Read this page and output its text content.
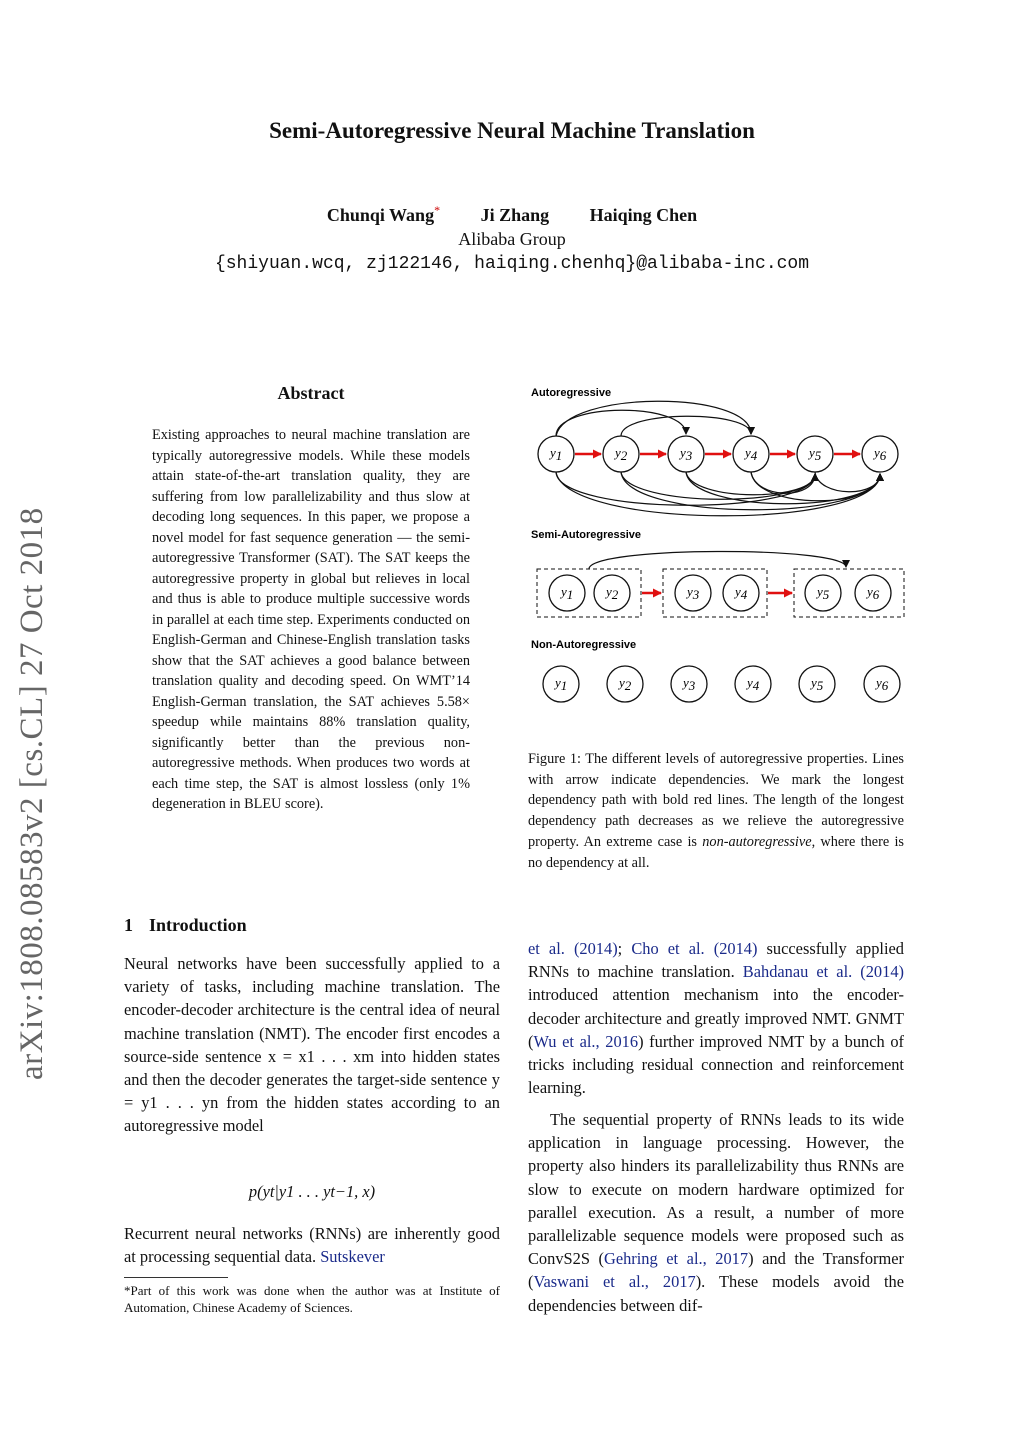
Semi-Autoregressive Neural Machine Translation
Chunqi Wang* Ji Zhang Haiqing Chen
Alibaba Group
{shiyuan.wcq, zj122146, haiqing.chenhq}@alibaba-inc.com
arXiv:1808.08583v2 [cs.CL] 27 Oct 2018
Abstract

Existing approaches to neural machine translation are typically autoregressive models. While these models attain state-of-the-art translation quality, they are suffering from low parallelizability and thus slow at decoding long sequences. In this paper, we propose a novel model for fast sequence generation — the semi-autoregressive Transformer (SAT). The SAT keeps the autoregressive property in global but relieves in local and thus is able to produce multiple successive words in parallel at each time step. Experiments conducted on English-German and Chinese-English translation tasks show that the SAT achieves a good balance between translation quality and decoding speed. On WMT’14 English-German translation, the SAT achieves 5.58× speedup while maintains 88% translation quality, significantly better than the previous non-autoregressive methods. When produces two words at each time step, the SAT is almost lossless (only 1% degeneration in BLEU score).

1 Introduction

Neural networks have been successfully applied to a variety of tasks, including machine translation. The encoder-decoder architecture is the central idea of neural machine translation (NMT). The encoder first encodes a source-side sentence x = x1 . . . xm into hidden states and then the decoder generates the target-side sentence y = y1 . . . yn from the hidden states according to an autoregressive model

p(yt|y1 . . . yt−1, x)

Recurrent neural networks (RNNs) are inherently good at processing sequential data. Sutskever

*Part of this work was done when the author was at Institute of Automation, Chinese Academy of Sciences.

Autoregressive
Semi-Autoregressive
Non-Autoregressive
y1	y2	y3	y4	y5	y6
y1	y2	y3	y4	y5	y6
y1	y2	y3	y4	y5	y6

Figure 1: The different levels of autoregressive properties. Lines with arrow indicate dependencies. We mark the longest dependency path with bold red lines. The length of the longest dependency path decreases as we relieve the autoregressive property. An extreme case is non-autoregressive, where there is no dependency at all.

et al. (2014); Cho et al. (2014) successfully applied RNNs to machine translation. Bahdanau et al. (2014) introduced attention mechanism into the encoder-decoder architecture and greatly improved NMT. GNMT (Wu et al., 2016) further improved NMT by a bunch of tricks including residual connection and reinforcement learning.

The sequential property of RNNs leads to its wide application in language processing. However, the property also hinders its parallelizability thus RNNs are slow to execute on modern hardware optimized for parallel execution. As a result, a number of more parallelizable sequence models were proposed such as ConvS2S (Gehring et al., 2017) and the Transformer (Vaswani et al., 2017). These models avoid the dependencies between dif-
